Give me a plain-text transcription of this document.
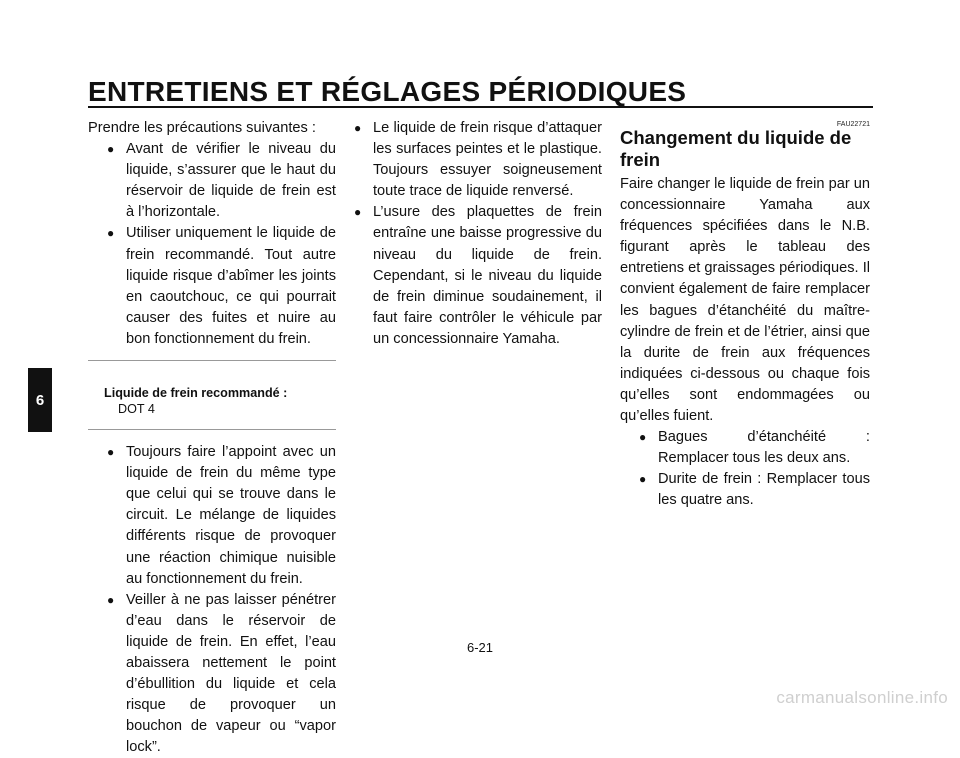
ENTRETIENS ET RÉGLAGES PÉRIODIQUES
6

Prendre les précautions suivantes :

● Avant de vérifier le niveau du liquide, s’assurer que le haut du réservoir de liquide de frein est à l’horizontale.

● Utiliser uniquement le liquide de frein recommandé. Tout autre liquide risque d’abîmer les joints en caoutchouc, ce qui pourrait causer des fuites et nuire au bon fonctionnement du frein.

Liquide de frein recommandé :
DOT 4

● Toujours faire l’appoint avec un liquide de frein du même type que celui qui se trouve dans le circuit. Le mélange de liquides différents risque de provoquer une réaction chimique nuisible au fonctionnement du frein.

● Veiller à ne pas laisser pénétrer d’eau dans le réservoir de liquide de frein. En effet, l’eau abaissera nettement le point d’ébullition du liquide et cela risque de provoquer un bouchon de vapeur ou “vapor lock”.

● Le liquide de frein risque d’attaquer les surfaces peintes et le plastique. Toujours essuyer soigneusement toute trace de liquide renversé.

● L’usure des plaquettes de frein entraîne une baisse progressive du niveau du liquide de frein. Cependant, si le niveau du liquide de frein diminue soudainement, il faut faire contrôler le véhicule par un concessionnaire Yamaha.

FAU22721
Changement du liquide de frein

Faire changer le liquide de frein par un concessionnaire Yamaha aux fréquences spécifiées dans le N.B. figurant après le tableau des entretiens et graissages périodiques. Il convient également de faire remplacer les bagues d’étanchéité du maître-cylindre de frein et de l’étrier, ainsi que la durite de frein aux fréquences indiquées ci-dessous ou chaque fois qu’elles sont endommagées ou qu’elles fuient.

● Bagues d’étanchéité : Remplacer tous les deux ans.

● Durite de frein : Remplacer tous les quatre ans.

6-21
carmanualsonline.info
